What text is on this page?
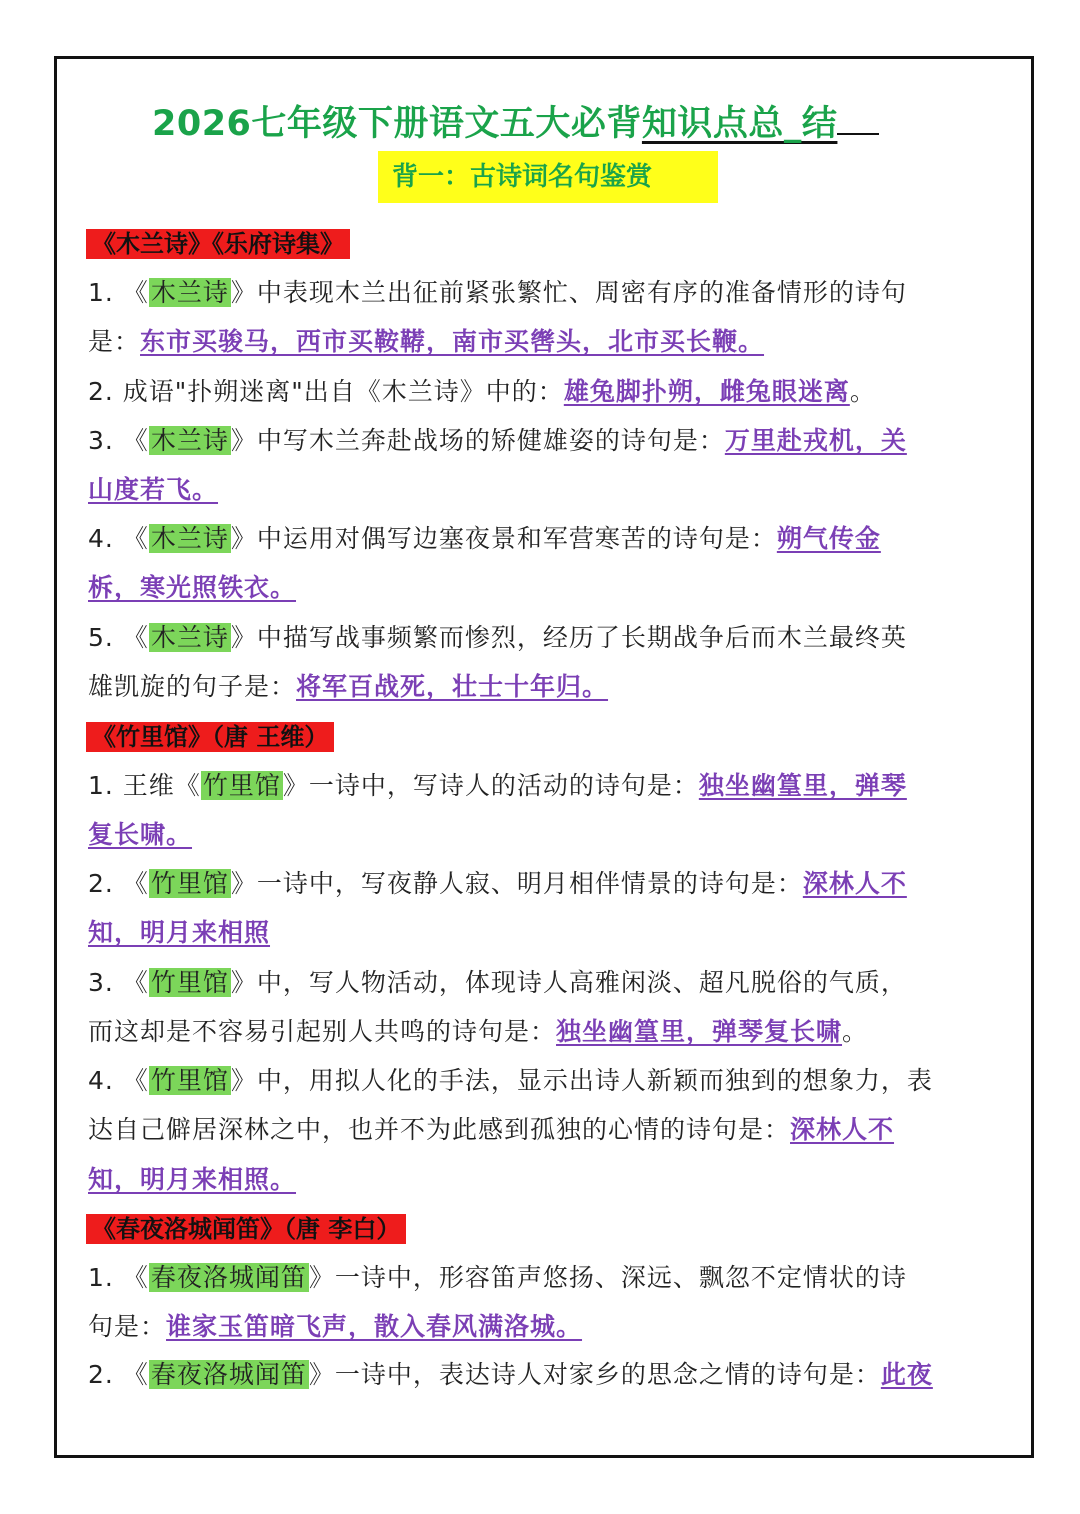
2026七年级下册语文五大必背知识点总_结
背一：古诗词名句鉴赏
《木兰诗》《乐府诗集》
《竹里馆》（唐 王维）
《春夜洛城闻笛》（唐 李白）
1. 《木兰诗》中表现木兰出征前紧张繁忙、周密有序的准备情形的诗句
是：东市买骏马，西市买鞍鞯，南市买辔头，北市买长鞭。
2. 成语"扑朔迷离"出自《木兰诗》中的：雄兔脚扑朔，雌兔眼迷离。
3. 《木兰诗》中写木兰奔赴战场的矫健雄姿的诗句是：万里赴戎机，关
山度若飞。
4. 《木兰诗》中运用对偶写边塞夜景和军营寒苦的诗句是：朔气传金
柝，寒光照铁衣。
5. 《木兰诗》中描写战事频繁而惨烈，经历了长期战争后而木兰最终英
雄凯旋的句子是：将军百战死，壮士十年归。
1. 王维《竹里馆》一诗中，写诗人的活动的诗句是：独坐幽篁里，弹琴
复长啸。
2. 《竹里馆》一诗中，写夜静人寂、明月相伴情景的诗句是：深林人不
知，明月来相照
3. 《竹里馆》中，写人物活动，体现诗人高雅闲淡、超凡脱俗的气质，
而这却是不容易引起别人共鸣的诗句是：独坐幽篁里，弹琴复长啸。
4. 《竹里馆》中，用拟人化的手法，显示出诗人新颖而独到的想象力，表
达自己僻居深林之中，也并不为此感到孤独的心情的诗句是：深林人不
知，明月来相照。
1. 《春夜洛城闻笛》一诗中，形容笛声悠扬、深远、飘忽不定情状的诗
句是：谁家玉笛暗飞声，散入春风满洛城。
2. 《春夜洛城闻笛》一诗中，表达诗人对家乡的思念之情的诗句是：此夜
